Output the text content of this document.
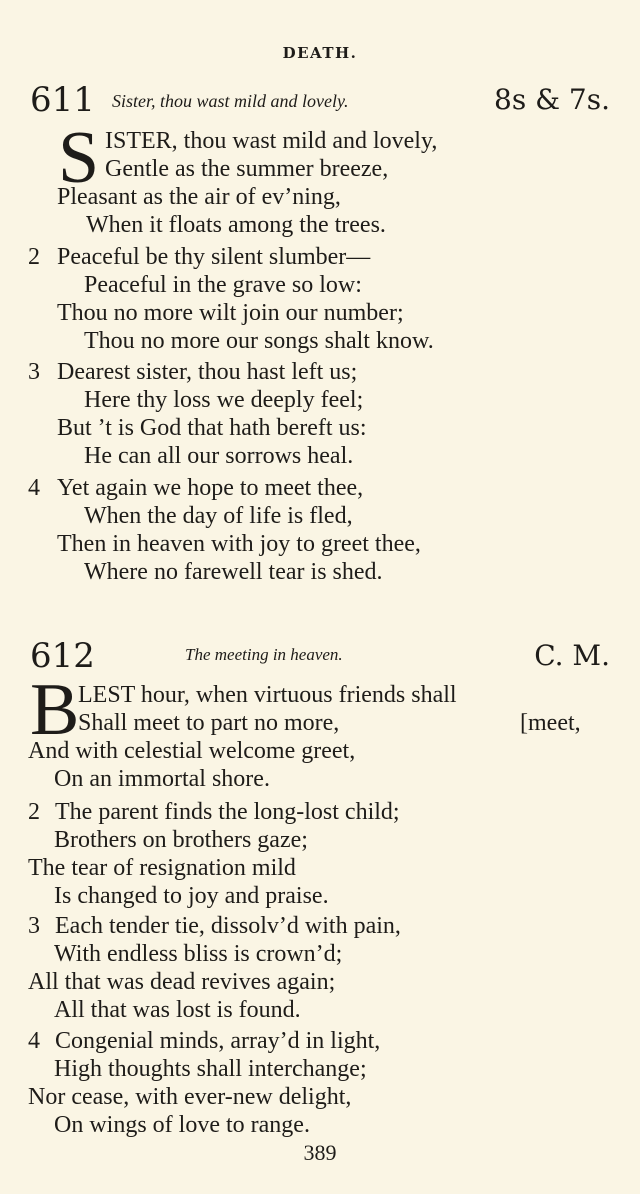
DEATH.
611 Sister, thou wast mild and lovely.	8s & 7s.
S ISTER, thou wast mild and lovely,
Gentle as the summer breeze,
Pleasant as the air of ev’ning,
When it floats among the trees.
2 Peaceful be thy silent slumber—
Peaceful in the grave so low:
Thou no more wilt join our number;
Thou no more our songs shalt know.
3 Dearest sister, thou hast left us;
Here thy loss we deeply feel;
But ’t is God that hath bereft us:
He can all our sorrows heal.
4 Yet again we hope to meet thee,
When the day of life is fled,
Then in heaven with joy to greet thee,
Where no farewell tear is shed.
612	The meeting in heaven.	C. M.
B
LEST hour, when virtuous friends shall
Shall meet to part no more,	[meet,
And with celestial welcome greet,
On an immortal shore.
2 The parent finds the long-lost child;
Brothers on brothers gaze;
The tear of resignation mild
Is changed to joy and praise.
3 Each tender tie, dissolv’d with pain,
With endless bliss is crown’d;
All that was dead revives again;
All that was lost is found.
4 Congenial minds, array’d in light,
High thoughts shall interchange;
Nor cease, with ever-new delight,
On wings of love to range.
389
